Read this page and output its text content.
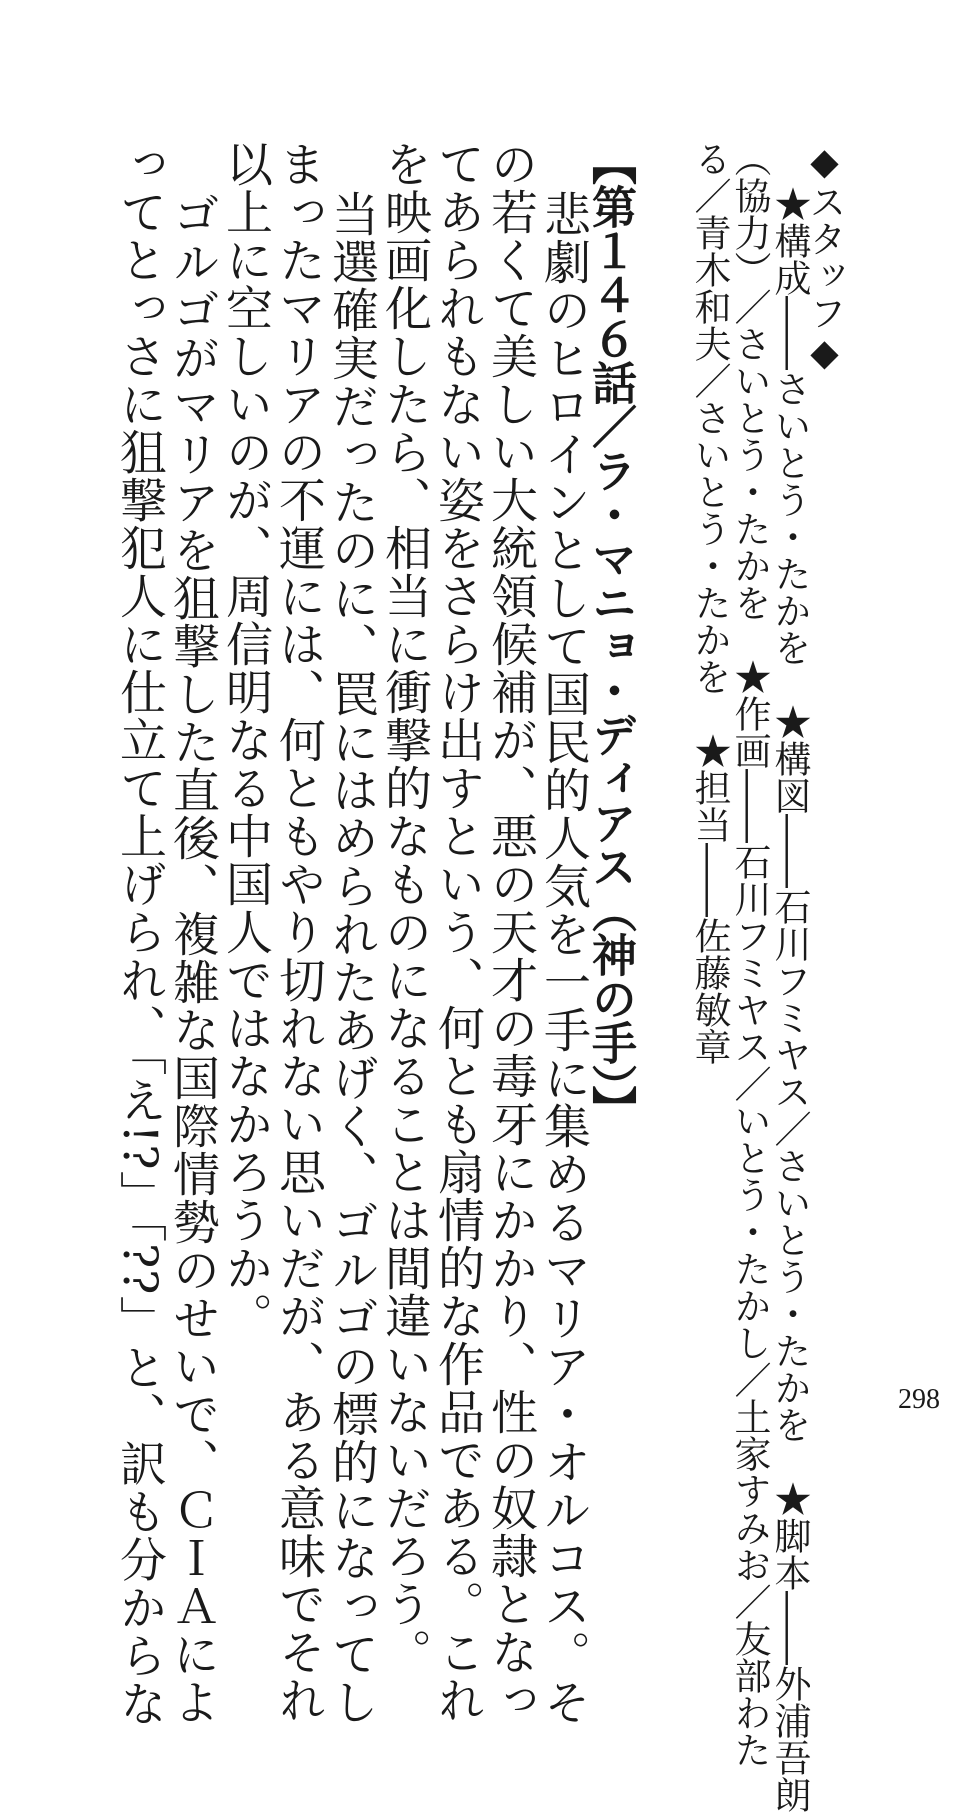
◆スタッフ◆
★構成――さいとう・たかを　★構図――石川フミヤス／さいとう・たかを　★脚本――外浦吾朗
（協力）／さいとう・たかを　★作画――石川フミヤス／いとう・たかし／土家すみお／友部わた
る／青木和夫／さいとう・たかを　★担当――佐藤敏章
【第１４６話／ラ・マニョ・ディアス（神の手）】
悲劇のヒロインとして国民的人気を一手に集めるマリア・オルコス。そ
の若くて美しい大統領候補が、悪の天才の毒牙にかかり、性の奴隷となっ
てあられもない姿をさらけ出すという、何とも扇情的な作品である。これ
を映画化したら、相当に衝撃的なものになることは間違いないだろう。
当選確実だったのに、罠にはめられたあげく、ゴルゴの標的になってし
まったマリアの不運には、何ともやり切れない思いだが、ある意味でそれ
以上に空しいのが、周信明なる中国人ではなかろうか。
ゴルゴがマリアを狙撃した直後、複雑な国際情勢のせいで、ＣＩＡによ
ってとっさに狙撃犯人に仕立て上げられ、「え!?」「??」と、訳も分からな	298
